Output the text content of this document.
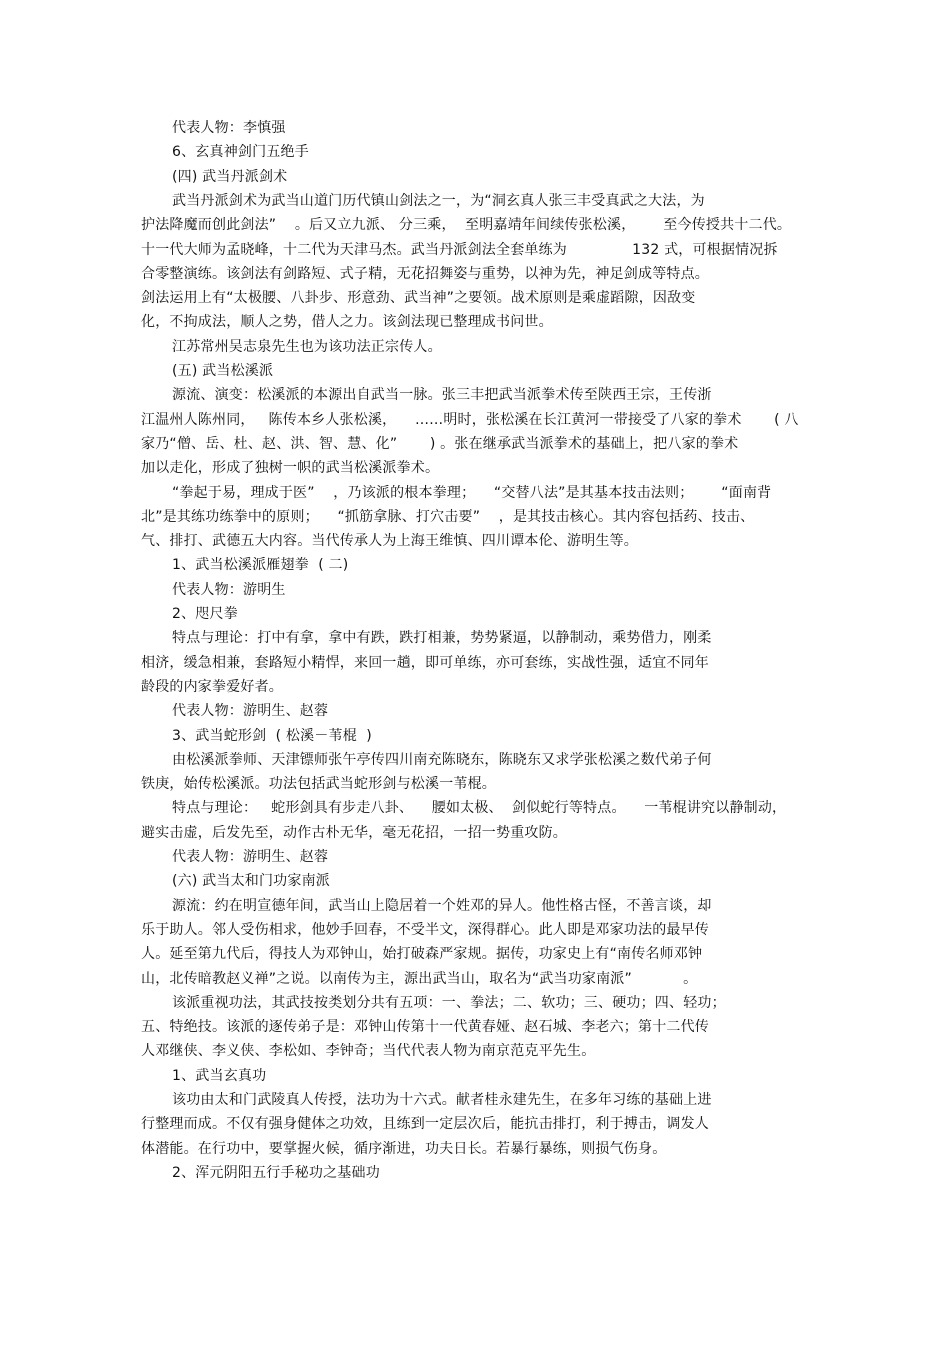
代表人物：李慎强
6、玄真神剑门五绝手
(四) 武当丹派剑术
武当丹派剑术为武当山道门历代镇山剑法之一，为“洞玄真人张三丰受真武之大法，为
护法降魔而创此剑法”    。后又立九派、 分三乘，  至明嘉靖年间续传张松溪，      至今传授共十二代。
十一代大师为孟晓峰，十二代为天津马杰。武当丹派剑法全套单练为              132 式，可根据情况拆
合零整演练。该剑法有剑路短、式子精，无花招舞姿与重势，以神为先，神足剑成等特点。
剑法运用上有“太极腰、八卦步、形意劲、武当神”之要领。战术原则是乘虚蹈隙，因敌变
化，不拘成法，顺人之势，借人之力。该剑法现已整理成书问世。
江苏常州吴志泉先生也为该功法正宗传人。
(五) 武当松溪派
源流、演变：松溪派的本源出自武当一脉。张三丰把武当派拳术传至陕西王宗，王传浙
江温州人陈州同，   陈传本乡人张松溪，    ……明时，张松溪在长江黄河一带接受了八家的拳术       ( 八
家乃“僧、岳、杜、赵、洪、智、慧、化”       ) 。张在继承武当派拳术的基础上，把八家的拳术
加以走化，形成了独树一帜的武当松溪派拳术。
“拳起于易，理成于医”    ，乃该派的根本拳理；    “交替八法”是其基本技击法则；      “面南背
北”是其练功练拳中的原则；    “抓筋拿脉、打穴击要”    ，是其技击核心。其内容包括药、技击、
气、排打、武德五大内容。当代传承人为上海王维慎、四川谭本伦、游明生等。
1、武当松溪派雁翅拳  ( 二)
代表人物：游明生
2、咫尺拳
特点与理论：打中有拿，拿中有跌，跌打相兼，势势紧逼，以静制动，乘势借力，刚柔
相济，缓急相兼，套路短小精悍，来回一趟，即可单练，亦可套练，实战性强，适宜不同年
龄段的内家拳爱好者。
代表人物：游明生、赵蓉
3、武当蛇形剑  ( 松溪－苇棍  )
由松溪派拳师、天津镖师张午亭传四川南充陈晓东，陈晓东又求学张松溪之数代弟子何
铁庚，始传松溪派。功法包括武当蛇形剑与松溪一苇棍。
特点与理论：   蛇形剑具有步走八卦、    腰如太极、  剑似蛇行等特点。    一苇棍讲究以静制动，
避实击虚，后发先至，动作古朴无华，毫无花招，一招一势重攻防。
代表人物：游明生、赵蓉
(六) 武当太和门功家南派
源流：约在明宣德年间，武当山上隐居着一个姓邓的异人。他性格古怪，不善言谈，却
乐于助人。邻人受伤相求，他妙手回春，不受半文，深得群心。此人即是邓家功法的最早传
人。延至第九代后，得技人为邓钟山，始打破森严家规。据传，功家史上有“南传名师邓钟
山，北传暗教赵义禅”之说。以南传为主，源出武当山，取名为“武当功家南派”           。
该派重视功法，其武技按类划分共有五项：一、拳法；二、软功；三、硬功；四、轻功；
五、特绝技。该派的逐传弟子是：邓钟山传第十一代黄春娅、赵石城、李老六；第十二代传
人邓继侠、李义侠、李松如、李钟奇；当代代表人物为南京范克平先生。
1、武当玄真功
该功由太和门武陵真人传授，法功为十六式。献者桂永建先生，在多年习练的基础上进
行整理而成。不仅有强身健体之功效，且练到一定层次后，能抗击排打，利于搏击，调发人
体潜能。在行功中，要掌握火候，循序渐进，功夫日长。若暴行暴练，则损气伤身。
2、浑元阴阳五行手秘功之基础功
